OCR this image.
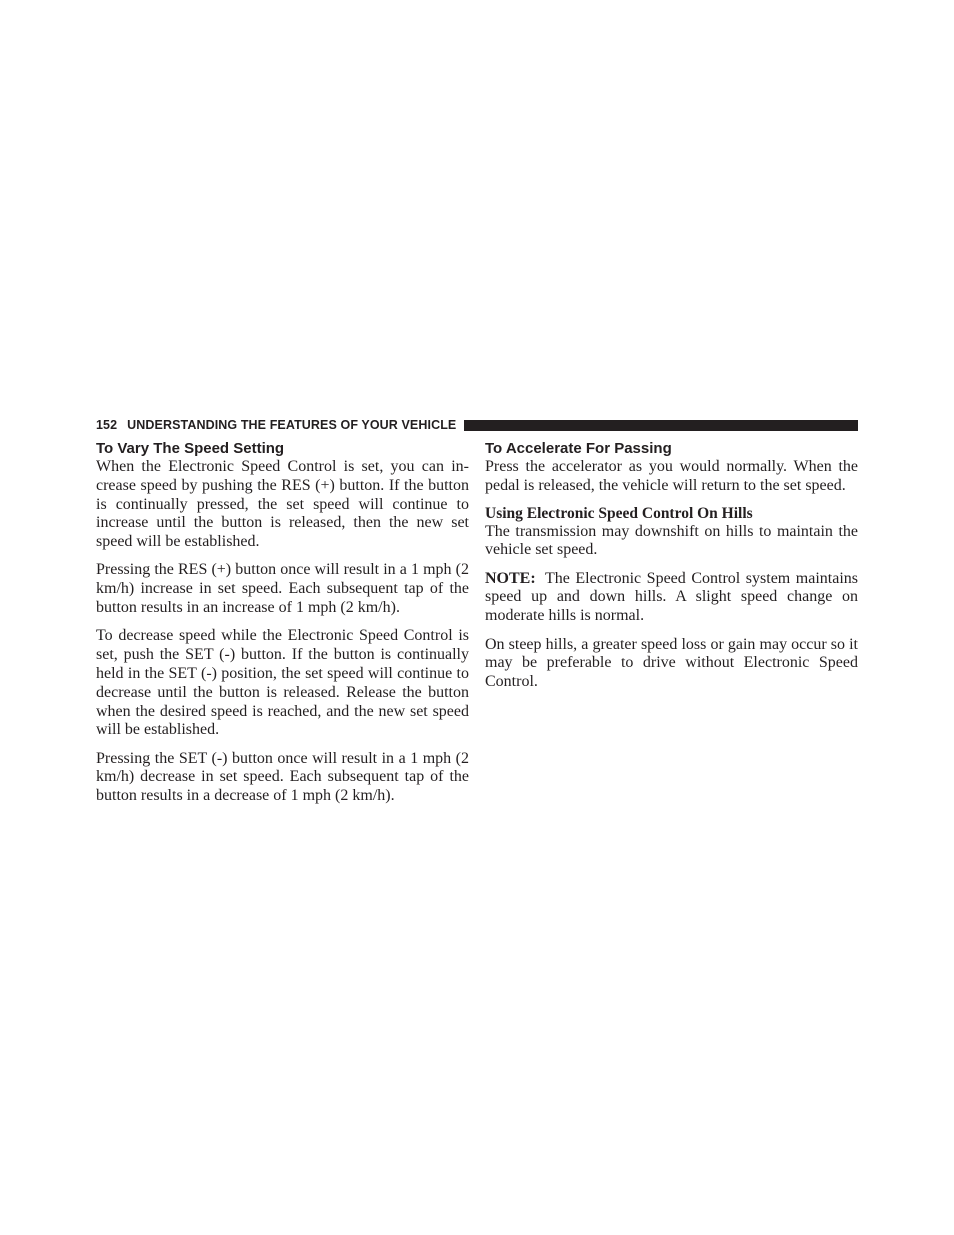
152 UNDERSTANDING THE FEATURES OF YOUR VEHICLE
To Vary The Speed Setting

When the Electronic Speed Control is set, you can increase speed by pushing the RES (+) button. If the button is continually pressed, the set speed will continue to increase until the button is released, then the new set speed will be established.

Pressing the RES (+) button once will result in a 1 mph (2 km/h) increase in set speed. Each subsequent tap of the button results in an increase of 1 mph (2 km/h).

To decrease speed while the Electronic Speed Control is set, push the SET (-) button. If the button is continually held in the SET (-) position, the set speed will continue to decrease until the button is released. Release the button when the desired speed is reached, and the new set speed will be established.

Pressing the SET (-) button once will result in a 1 mph (2 km/h) decrease in set speed. Each subsequent tap of the button results in a decrease of 1 mph (2 km/h).

To Accelerate For Passing

Press the accelerator as you would normally. When the pedal is released, the vehicle will return to the set speed.

Using Electronic Speed Control On Hills

The transmission may downshift on hills to maintain the vehicle set speed.

NOTE: The Electronic Speed Control system maintains speed up and down hills. A slight speed change on moderate hills is normal.

On steep hills, a greater speed loss or gain may occur so it may be preferable to drive without Electronic Speed Control.
